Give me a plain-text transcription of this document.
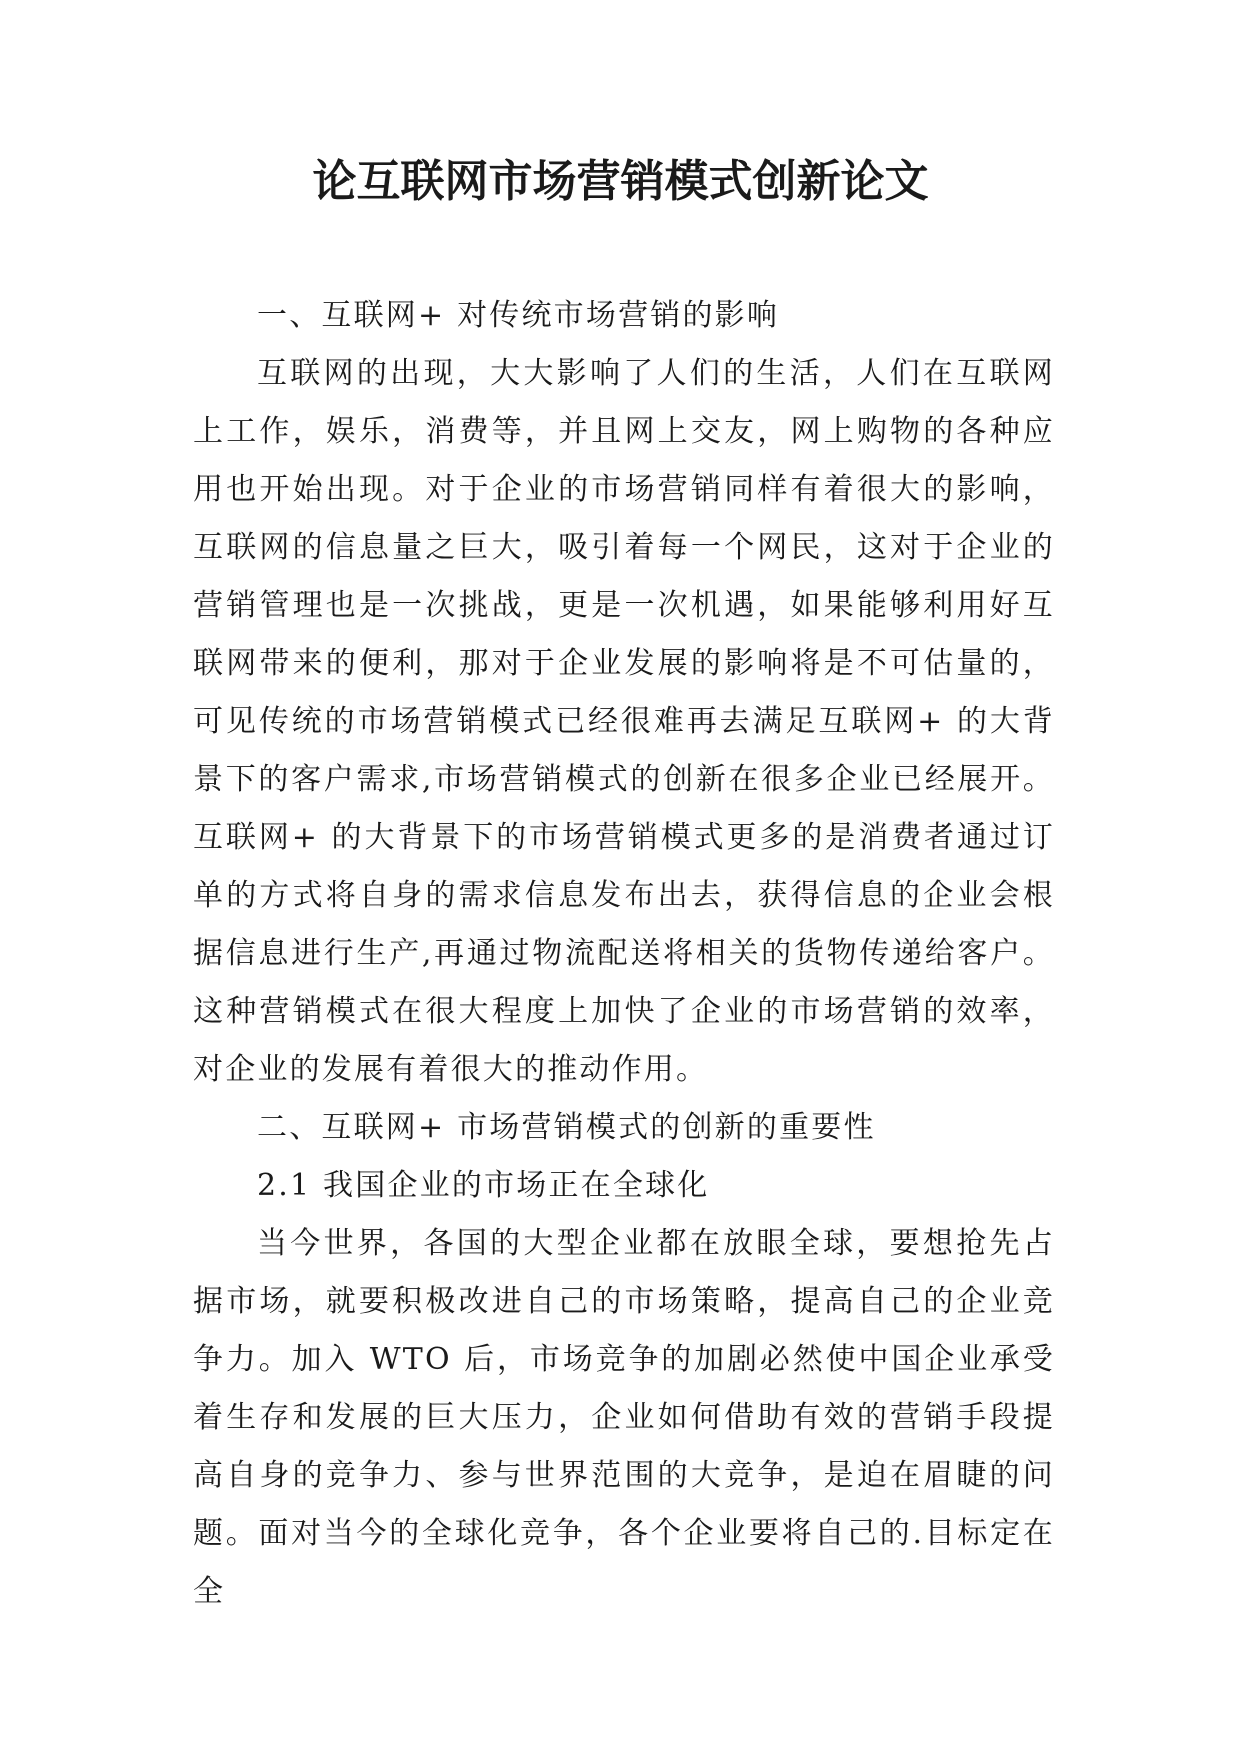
论互联网市场营销模式创新论文

一、互联网+ 对传统市场营销的影响

互联网的出现，大大影响了人们的生活，人们在互联网上工作，娱乐，消费等，并且网上交友，网上购物的各种应用也开始出现。对于企业的市场营销同样有着很大的影响，互联网的信息量之巨大，吸引着每一个网民，这对于企业的营销管理也是一次挑战，更是一次机遇，如果能够利用好互联网带来的便利，那对于企业发展的影响将是不可估量的，可见传统的市场营销模式已经很难再去满足互联网+ 的大背景下的客户需求,市场营销模式的创新在很多企业已经展开。互联网+ 的大背景下的市场营销模式更多的是消费者通过订单的方式将自身的需求信息发布出去，获得信息的企业会根据信息进行生产,再通过物流配送将相关的货物传递给客户。这种营销模式在很大程度上加快了企业的市场营销的效率，对企业的发展有着很大的推动作用。

二、互联网+ 市场营销模式的创新的重要性

2.1 我国企业的市场正在全球化

当今世界，各国的大型企业都在放眼全球，要想抢先占据市场，就要积极改进自己的市场策略，提高自己的企业竞争力。加入 WTO 后，市场竞争的加剧必然使中国企业承受着生存和发展的巨大压力，企业如何借助有效的营销手段提高自身的竞争力、参与世界范围的大竞争，是迫在眉睫的问题。面对当今的全球化竞争，各个企业要将自己的.目标定在全
